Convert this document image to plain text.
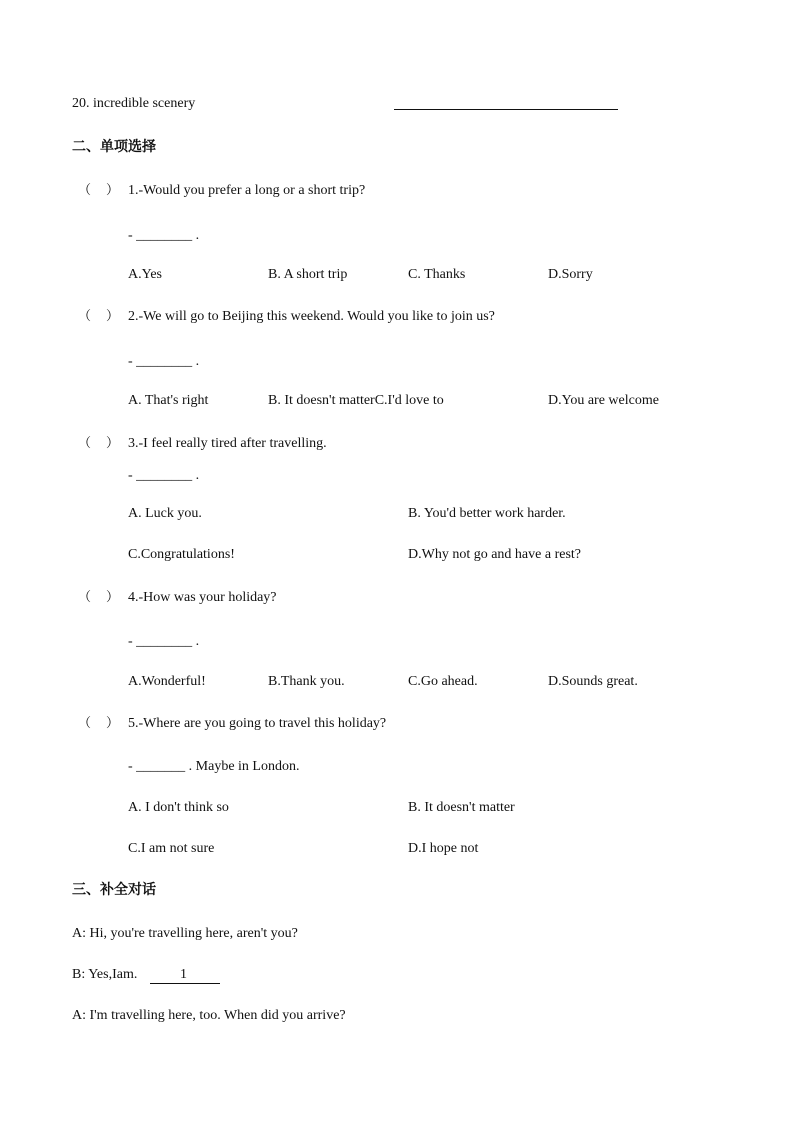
20. incredible scenery
二、单项选择
（ ） 1.-Would you prefer a long or a short trip?
- ________ .
A.Yes	B. A short trip	C. Thanks	D.Sorry
（ ） 2.-We will go to Beijing this weekend. Would you like to join us?
- ________ .
A. That's right	B. It doesn't matterC.I'd love to	D.You are welcome
（ ） 3.-I feel really tired after travelling.
- ________ .
A. Luck you.	B. You'd better work harder.
C.Congratulations!	D.Why not go and have a rest?
（ ） 4.-How was your holiday?
- ________ .
A.Wonderful!	B.Thank you.	C.Go ahead.	D.Sounds great.
（ ） 5.-Where are you going to travel this holiday?
- _______ . Maybe in London.
A. I don't think so	B. It doesn't matter
C.I am not sure	D.I hope not
三、补全对话
A: Hi, you're travelling here, aren't you?
B: Yes,Iam.	1
A: I'm travelling here, too. When did you arrive?
